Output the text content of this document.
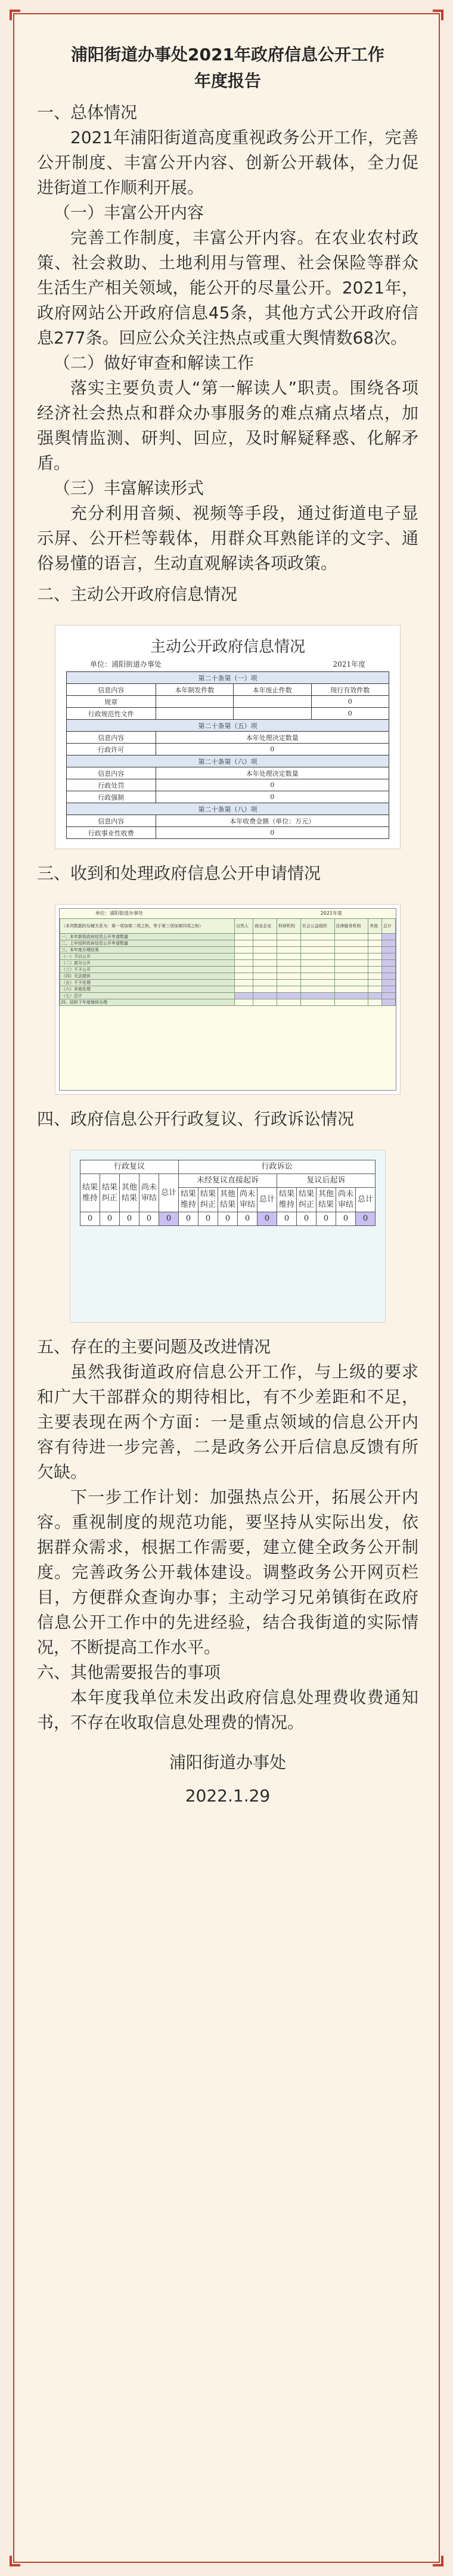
浦阳街道办事处2021年政府信息公开工作
年度报告
一、总体情况
2021年浦阳街道高度重视政务公开工作，完善公开制度、丰富公开内容、创新公开载体，全力促进街道工作顺利开展。
（一）丰富公开内容
完善工作制度，丰富公开内容。在农业农村政策、社会救助、土地利用与管理、社会保险等群众生活生产相关领域，能公开的尽量公开。2021年，政府网站公开政府信息45条，其他方式公开政府信息277条。回应公众关注热点或重大舆情数68次。
（二）做好审查和解读工作
落实主要负责人“第一解读人”职责。围绕各项经济社会热点和群众办事服务的难点痛点堵点，加强舆情监测、研判、回应，及时解疑释惑、化解矛盾。
（三）丰富解读形式
充分利用音频、视频等手段，通过街道电子显示屏、公开栏等载体，用群众耳熟能详的文字、通俗易懂的语言，生动直观解读各项政策。
二、主动公开政府信息情况
主动公开政府信息情况
单位：浦阳街道办事处	2021年度
第二十条第（一）项			
信息内容	本年制发件数	本年废止件数	现行有效件数
规章			0
行政规范性文件			0
第二十条第（五）项			
信息内容	本年处理决定数量		
行政许可	0		
第二十条第（六）项			
信息内容	本年处理决定数量		
行政处罚	0		
行政强制	0		
第二十条第（八）项			
信息内容	本年收费金额（单位：万元）		
行政事业性收费	0		
三、收到和处理政府信息公开申请情况
单位：浦阳街道办事处	2021年度
（本列数据的勾稽关系为：第一项加第二项之和，等于第三项加第四项之和）	自然人	商业企业	科研机构	社会公益组织	法律服务机构	其他	总计
一、本年新收政府信息公开申请数量							
二、上年结转政府信息公开申请数量							
三、本年度办理结果							
（一）予以公开							
（二）部分公开							
（三）不予公开							
（四）无法提供							
（五）不予处理							
（六）其他处理							
（七）总计							
四、结转下年度继续办理							
四、政府信息公开行政复议、行政诉讼情况
行政复议					行政诉讼									
结果维持	结果纠正	其他结果	尚未审结	总计	未经复议直接起诉					复议后起诉				
					结果维持	结果纠正	其他结果	尚未审结	总计	结果维持	结果纠正	其他结果	尚未审结	总计
0	0	0	0	0	0	0	0	0	0	0	0	0	0	0
五、存在的主要问题及改进情况
虽然我街道政府信息公开工作，与上级的要求和广大干部群众的期待相比，有不少差距和不足，主要表现在两个方面：一是重点领域的信息公开内容有待进一步完善，二是政务公开后信息反馈有所欠缺。
下一步工作计划：加强热点公开，拓展公开内容。重视制度的规范功能，要坚持从实际出发，依据群众需求，根据工作需要，建立健全政务公开制度。完善政务公开载体建设。调整政务公开网页栏目，方便群众查询办事；主动学习兄弟镇街在政府信息公开工作中的先进经验，结合我街道的实际情况，不断提高工作水平。
六、其他需要报告的事项
本年度我单位未发出政府信息处理费收费通知书，不存在收取信息处理费的情况。
浦阳街道办事处
2022.1.29
